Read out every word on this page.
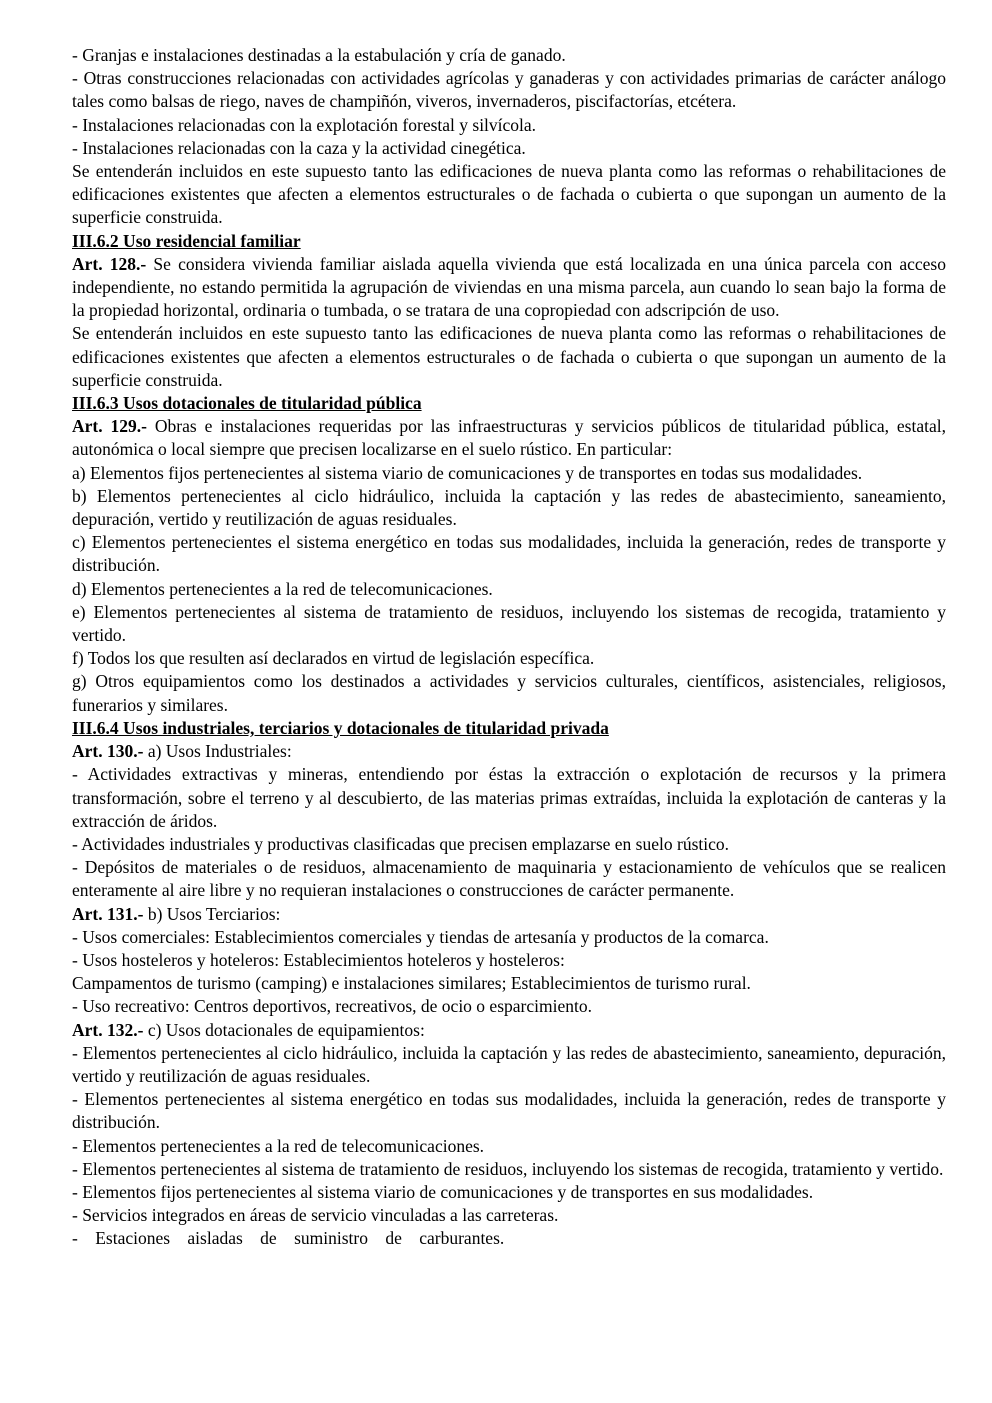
- Granjas e instalaciones destinadas a la estabulación y cría de ganado.

- Otras construcciones relacionadas con actividades agrícolas y ganaderas y con actividades primarias de carácter análogo tales como balsas de riego, naves de champiñón, viveros, invernaderos, piscifactorías, etcétera.

- Instalaciones relacionadas con la explotación forestal y silvícola.

- Instalaciones relacionadas con la caza y la actividad cinegética.

Se entenderán incluidos en este supuesto tanto las edificaciones de nueva planta como las reformas o rehabilitaciones de edificaciones existentes que afecten a elementos estructurales o de fachada o cubierta o que supongan un aumento de la superficie construida.

III.6.2 Uso residencial familiar

Art. 128.- Se considera vivienda familiar aislada aquella vivienda que está localizada en una única parcela con acceso independiente, no estando permitida la agrupación de viviendas en una misma parcela, aun cuando lo sean bajo la forma de la propiedad horizontal, ordinaria o tumbada, o se tratara de una copropiedad con adscripción de uso.

Se entenderán incluidos en este supuesto tanto las edificaciones de nueva planta como las reformas o rehabilitaciones de edificaciones existentes que afecten a elementos estructurales o de fachada o cubierta o que supongan un aumento de la superficie construida.

III.6.3 Usos dotacionales de titularidad pública

Art. 129.- Obras e instalaciones requeridas por las infraestructuras y servicios públicos de titularidad pública, estatal, autonómica o local siempre que precisen localizarse en el suelo rústico. En particular:

a) Elementos fijos pertenecientes al sistema viario de comunicaciones y de transportes en todas sus modalidades.

b) Elementos pertenecientes al ciclo hidráulico, incluida la captación y las redes de abastecimiento, saneamiento, depuración, vertido y reutilización de aguas residuales.

c) Elementos pertenecientes el sistema energético en todas sus modalidades, incluida la generación, redes de transporte y distribución.

d) Elementos pertenecientes a la red de telecomunicaciones.

e) Elementos pertenecientes al sistema de tratamiento de residuos, incluyendo los sistemas de recogida, tratamiento y vertido.

f) Todos los que resulten así declarados en virtud de legislación específica.

g) Otros equipamientos como los destinados a actividades y servicios culturales, científicos, asistenciales, religiosos, funerarios y similares.

III.6.4 Usos industriales, terciarios y dotacionales de titularidad privada

Art. 130.- a) Usos Industriales:

- Actividades extractivas y mineras, entendiendo por éstas la extracción o explotación de recursos y la primera transformación, sobre el terreno y al descubierto, de las materias primas extraídas, incluida la explotación de canteras y la extracción de áridos.

- Actividades industriales y productivas clasificadas que precisen emplazarse en suelo rústico.

- Depósitos de materiales o de residuos, almacenamiento de maquinaria y estacionamiento de vehículos que se realicen enteramente al aire libre y no requieran instalaciones o construcciones de carácter permanente.

Art. 131.- b) Usos Terciarios:

- Usos comerciales: Establecimientos comerciales y tiendas de artesanía y productos de la comarca.

- Usos hosteleros y hoteleros: Establecimientos hoteleros y hosteleros:

Campamentos de turismo (camping) e instalaciones similares; Establecimientos de turismo rural.

- Uso recreativo: Centros deportivos, recreativos, de ocio o esparcimiento.

Art. 132.- c) Usos dotacionales de equipamientos:

- Elementos pertenecientes al ciclo hidráulico, incluida la captación y las redes de abastecimiento, saneamiento, depuración, vertido y reutilización de aguas residuales.

- Elementos pertenecientes al sistema energético en todas sus modalidades, incluida la generación, redes de transporte y distribución.

- Elementos pertenecientes a la red de telecomunicaciones.

- Elementos pertenecientes al sistema de tratamiento de residuos, incluyendo los sistemas de recogida, tratamiento y vertido.

- Elementos fijos pertenecientes al sistema viario de comunicaciones y de transportes en sus modalidades.

- Servicios integrados en áreas de servicio vinculadas a las carreteras.

- Estaciones aisladas de suministro de carburantes.
